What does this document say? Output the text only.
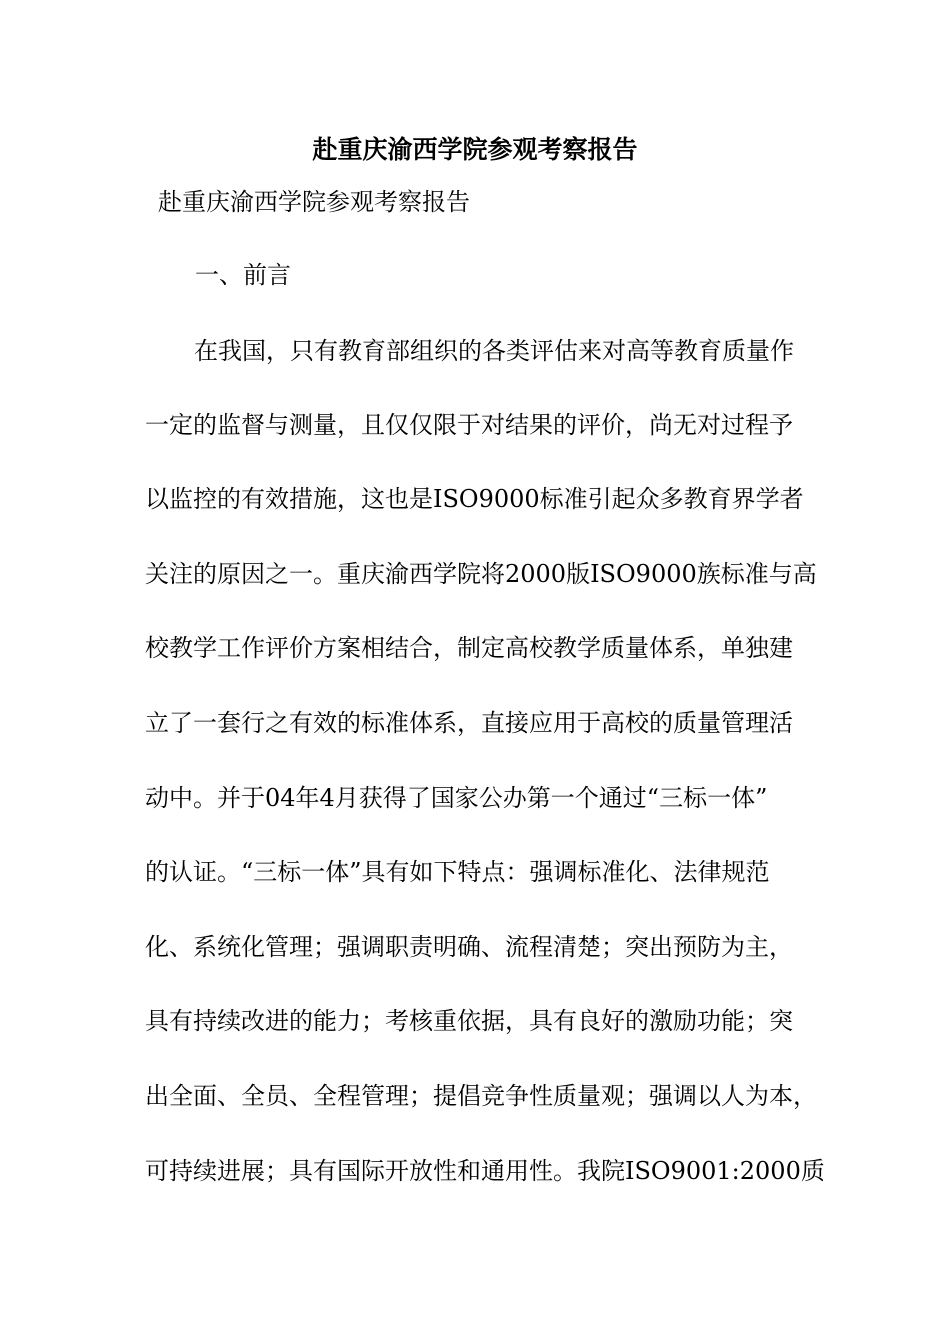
赴重庆渝西学院参观考察报告
赴重庆渝西学院参观考察报告
一、前言
在我国，只有教育部组织的各类评估来对高等教育质量作
一定的监督与测量，且仅仅限于对结果的评价，尚无对过程予
以监控的有效措施，这也是ISO9000标准引起众多教育界学者
关注的原因之一。重庆渝西学院将2000版ISO9000族标准与高
校教学工作评价方案相结合，制定高校教学质量体系，单独建
立了一套行之有效的标准体系，直接应用于高校的质量管理活
动中。并于04年4月获得了国家公办第一个通过“三标一体”
的认证。“三标一体”具有如下特点：强调标准化、法律规范
化、系统化管理；强调职责明确、流程清楚；突出预防为主，
具有持续改进的能力；考核重依据，具有良好的激励功能；突
出全面、全员、全程管理；提倡竞争性质量观；强调以人为本，
可持续进展；具有国际开放性和通用性。我院ISO9001:2000质
